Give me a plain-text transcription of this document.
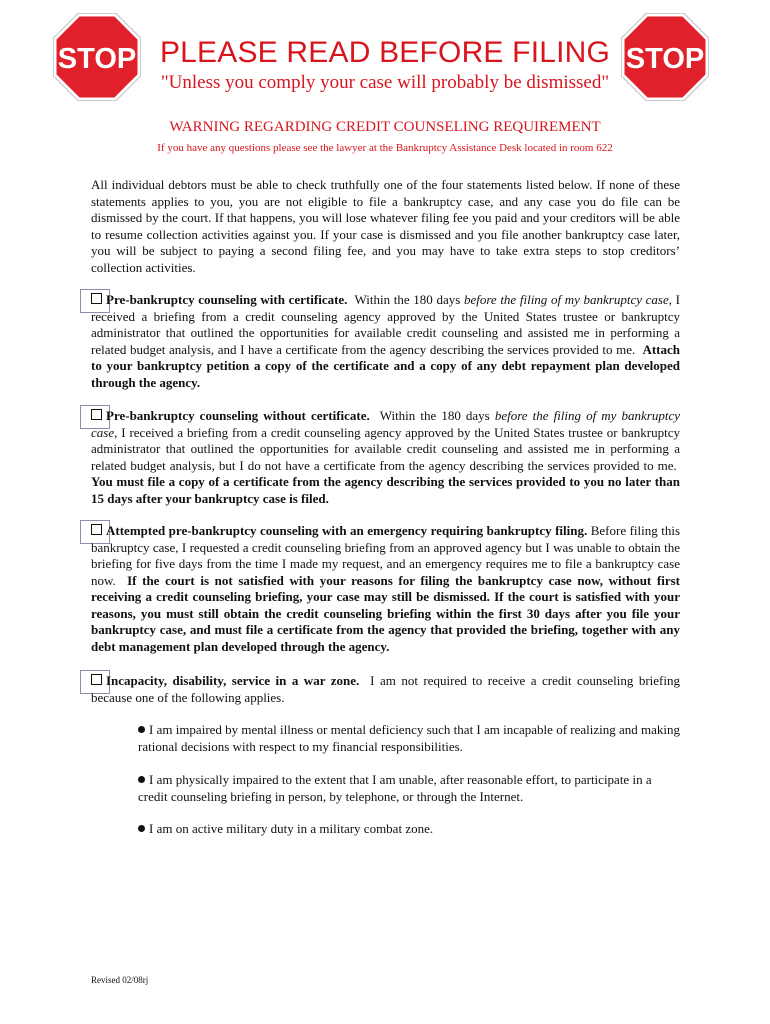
STOP	STOP
PLEASE READ BEFORE FILING
"Unless you comply your case will probably be dismissed"
WARNING REGARDING CREDIT COUNSELING REQUIREMENT
If you have any questions please see the lawyer at the Bankruptcy Assistance Desk located in room 622
All individual debtors must be able to check truthfully one of the four statements listed below. If none of these statements applies to you, you are not eligible to file a bankruptcy case, and any case you do file can be dismissed by the court. If that happens, you will lose whatever filing fee you paid and your creditors will be able to resume collection activities against you. If your case is dismissed and you file another bankruptcy case later, you will be subject to paying a second filing fee, and you may have to take extra steps to stop creditors’ collection activities.
Pre-bankruptcy counseling with certificate. Within the 180 days before the filing of my bankruptcy case, I received a briefing from a credit counseling agency approved by the United States trustee or bankruptcy administrator that outlined the opportunities for available credit counseling and assisted me in performing a related budget analysis, and I have a certificate from the agency describing the services provided to me. Attach to your bankruptcy petition a copy of the certificate and a copy of any debt repayment plan developed through the agency.
Pre-bankruptcy counseling without certificate. Within the 180 days before the filing of my bankruptcy case, I received a briefing from a credit counseling agency approved by the United States trustee or bankruptcy administrator that outlined the opportunities for available credit counseling and assisted me in performing a related budget analysis, but I do not have a certificate from the agency describing the services provided to me.  You must file a copy of a certificate from the agency describing the services provided to you no later than 15 days after your bankruptcy case is filed.
Attempted pre-bankruptcy counseling with an emergency requiring bankruptcy filing. Before filing this bankruptcy case, I requested a credit counseling briefing from an approved agency but I was unable to obtain the briefing for five days from the time I made my request, and an emergency requires me to file a bankruptcy case now. If the court is not satisfied with your reasons for filing the bankruptcy case now, without first receiving a credit counseling briefing, your case may still be dismissed. If the court is satisfied with your reasons, you must still obtain the credit counseling briefing within the first 30 days after you file your bankruptcy case, and must file a certificate from the agency that provided the briefing, together with any debt management plan developed through the agency.
Incapacity, disability, service in a war zone. I am not required to receive a credit counseling briefing because one of the following applies.
I am impaired by mental illness or mental deficiency such that I am incapable of realizing and making rational decisions with respect to my financial responsibilities.
I am physically impaired to the extent that I am unable, after reasonable effort, to participate in a credit counseling briefing in person, by telephone, or through the Internet.
I am on active military duty in a military combat zone.
Revised 02/08rj
